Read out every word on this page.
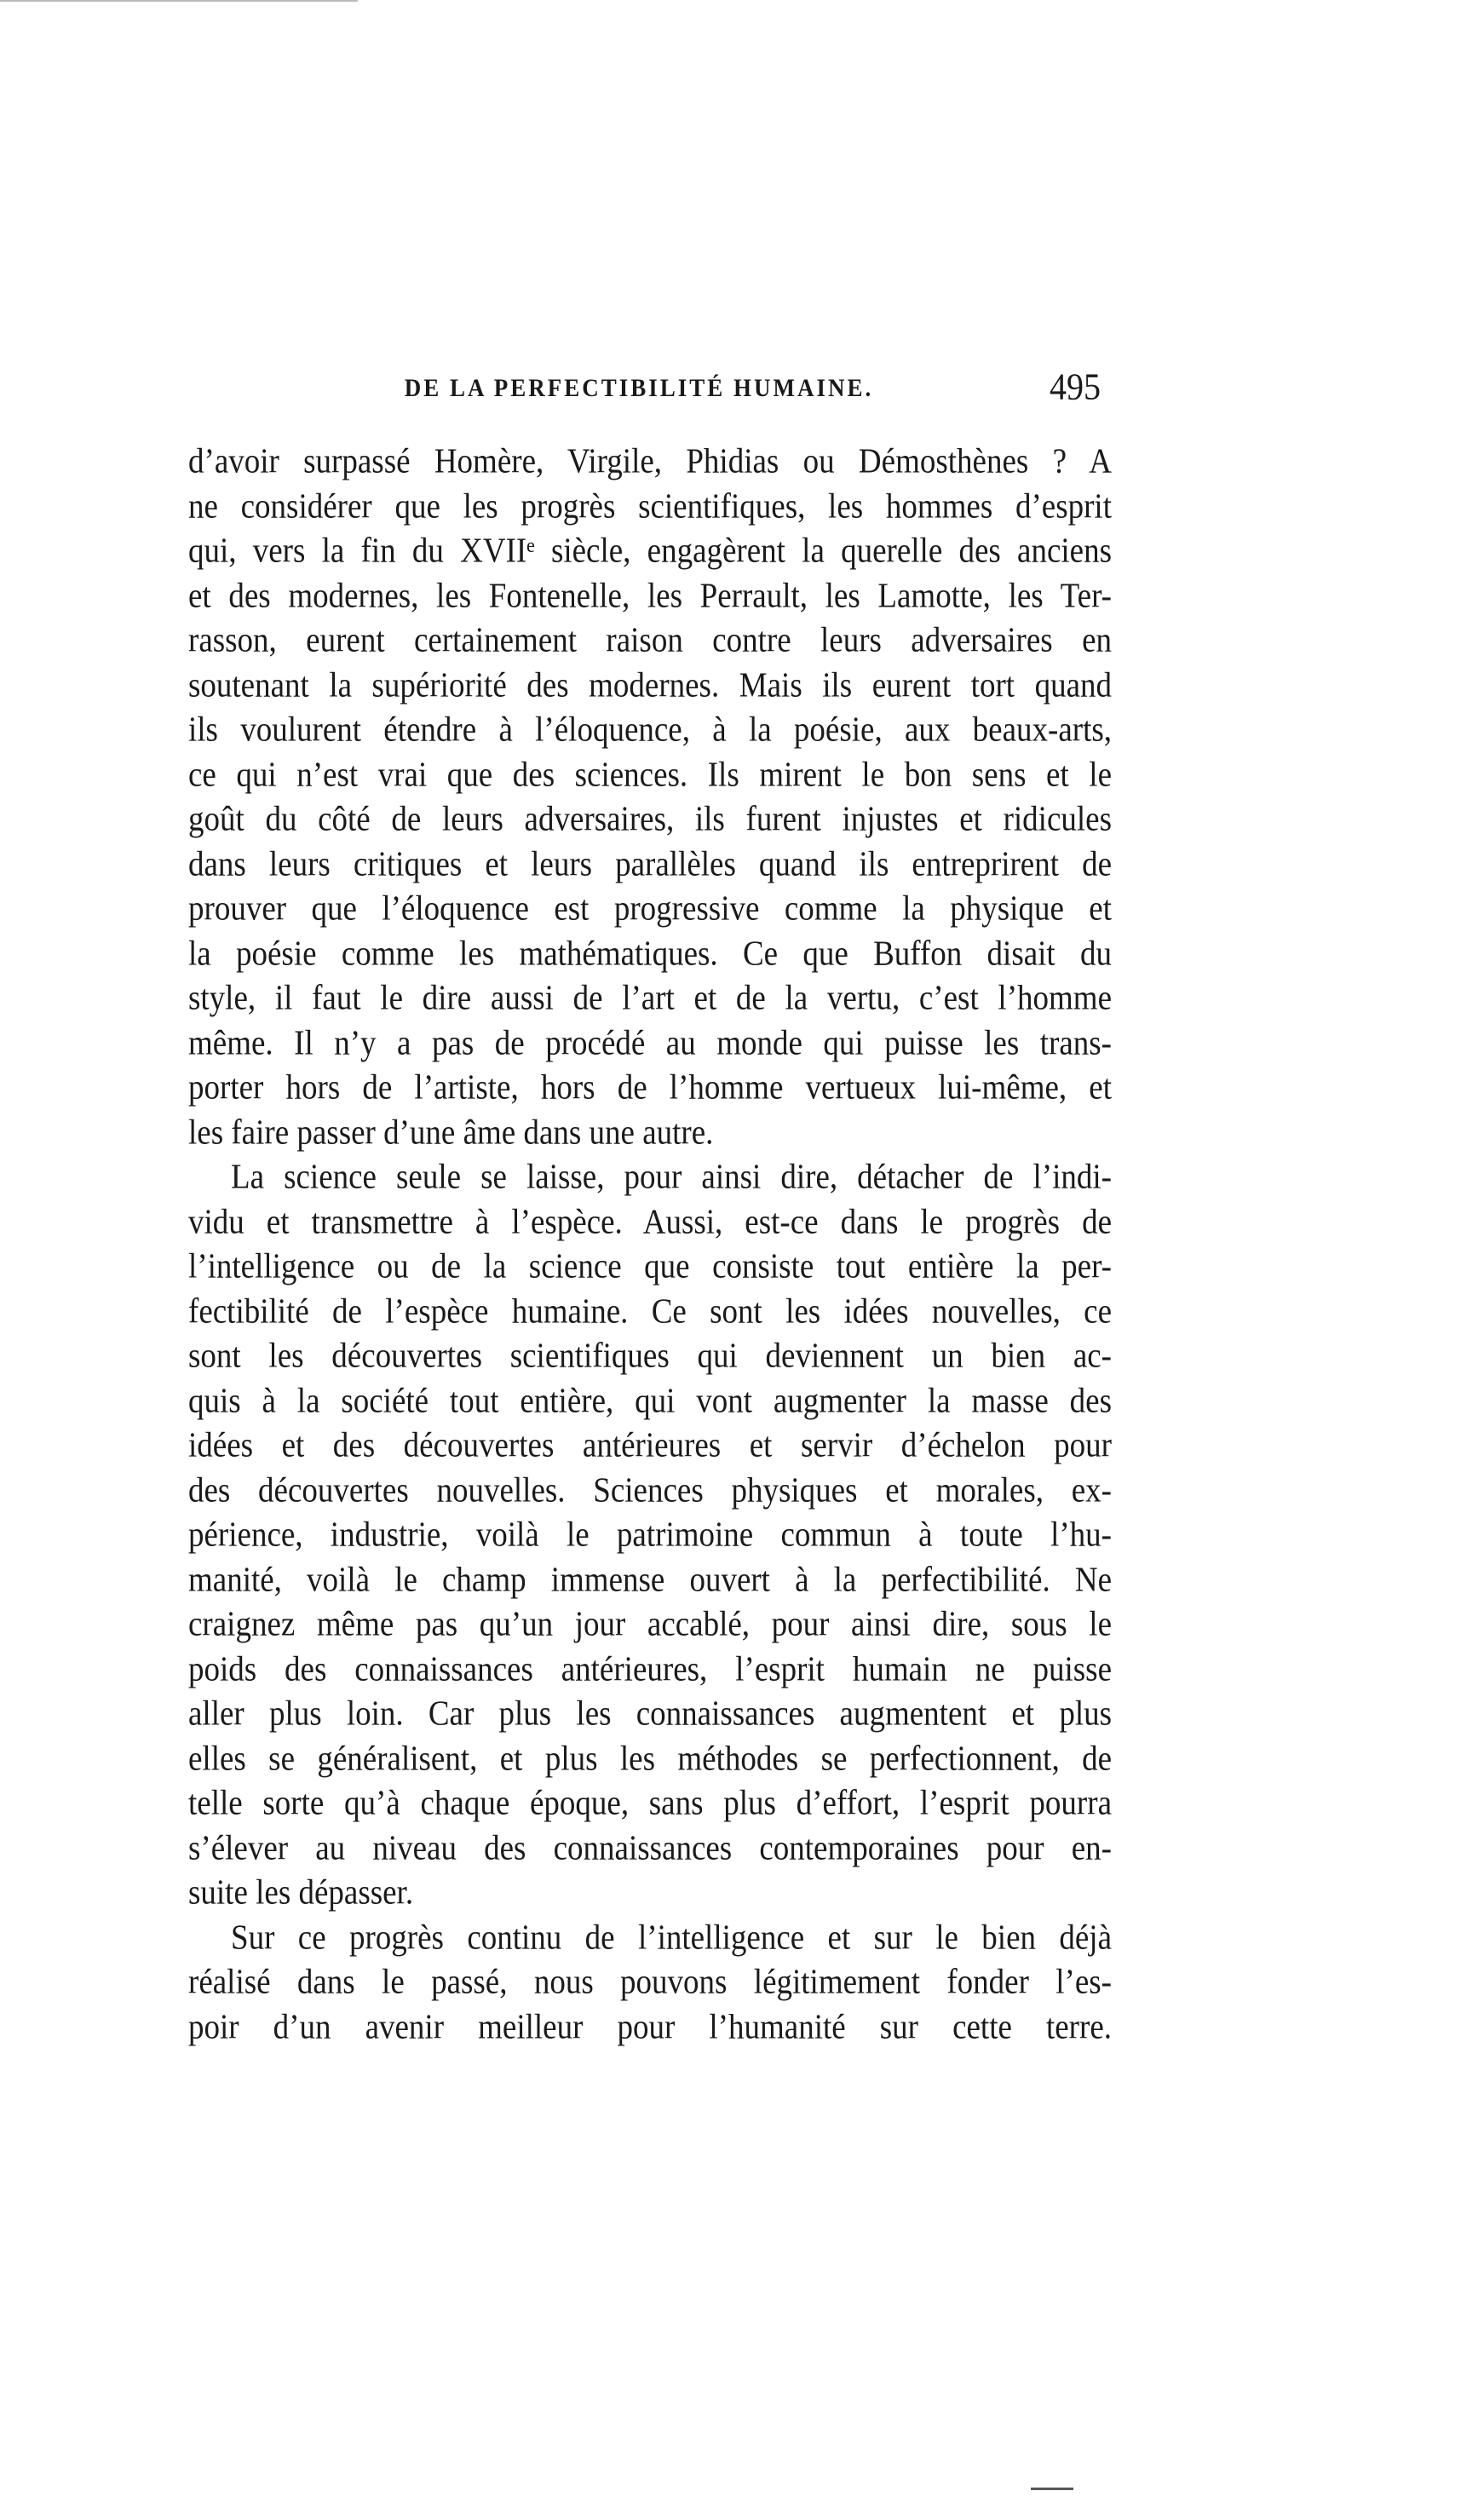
DE LA PERFECTIBILITÉ HUMAINE.	495
d’avoir surpassé Homère, Virgile, Phidias ou Démosthènes ? A
ne considérer que les progrès scientifiques, les hommes d’esprit
qui, vers la fin du XVIIᵉ siècle, engagèrent la querelle des anciens
et des modernes, les Fontenelle, les Perrault, les Lamotte, les Ter-
rasson, eurent certainement raison contre leurs adversaires en
soutenant la supériorité des modernes. Mais ils eurent tort quand
ils voulurent étendre à l’éloquence, à la poésie, aux beaux-arts,
ce qui n’est vrai que des sciences. Ils mirent le bon sens et le
goût du côté de leurs adversaires, ils furent injustes et ridicules
dans leurs critiques et leurs parallèles quand ils entreprirent de
prouver que l’éloquence est progressive comme la physique et
la poésie comme les mathématiques. Ce que Buffon disait du
style, il faut le dire aussi de l’art et de la vertu, c’est l’homme
même. Il n’y a pas de procédé au monde qui puisse les trans-
porter hors de l’artiste, hors de l’homme vertueux lui-même, et
les faire passer d’une âme dans une autre.
La science seule se laisse, pour ainsi dire, détacher de l’indi-
vidu et transmettre à l’espèce. Aussi, est-ce dans le progrès de
l’intelligence ou de la science que consiste tout entière la per-
fectibilité de l’espèce humaine. Ce sont les idées nouvelles, ce
sont les découvertes scientifiques qui deviennent un bien ac-
quis à la société tout entière, qui vont augmenter la masse des
idées et des découvertes antérieures et servir d’échelon pour
des découvertes nouvelles. Sciences physiques et morales, ex-
périence, industrie, voilà le patrimoine commun à toute l’hu-
manité, voilà le champ immense ouvert à la perfectibilité. Ne
craignez même pas qu’un jour accablé, pour ainsi dire, sous le
poids des connaissances antérieures, l’esprit humain ne puisse
aller plus loin. Car plus les connaissances augmentent et plus
elles se généralisent, et plus les méthodes se perfectionnent, de
telle sorte qu’à chaque époque, sans plus d’effort, l’esprit pourra
s’élever au niveau des connaissances contemporaines pour en-
suite les dépasser.
Sur ce progrès continu de l’intelligence et sur le bien déjà
réalisé dans le passé, nous pouvons légitimement fonder l’es-
poir d’un avenir meilleur pour l’humanité sur cette terre.
